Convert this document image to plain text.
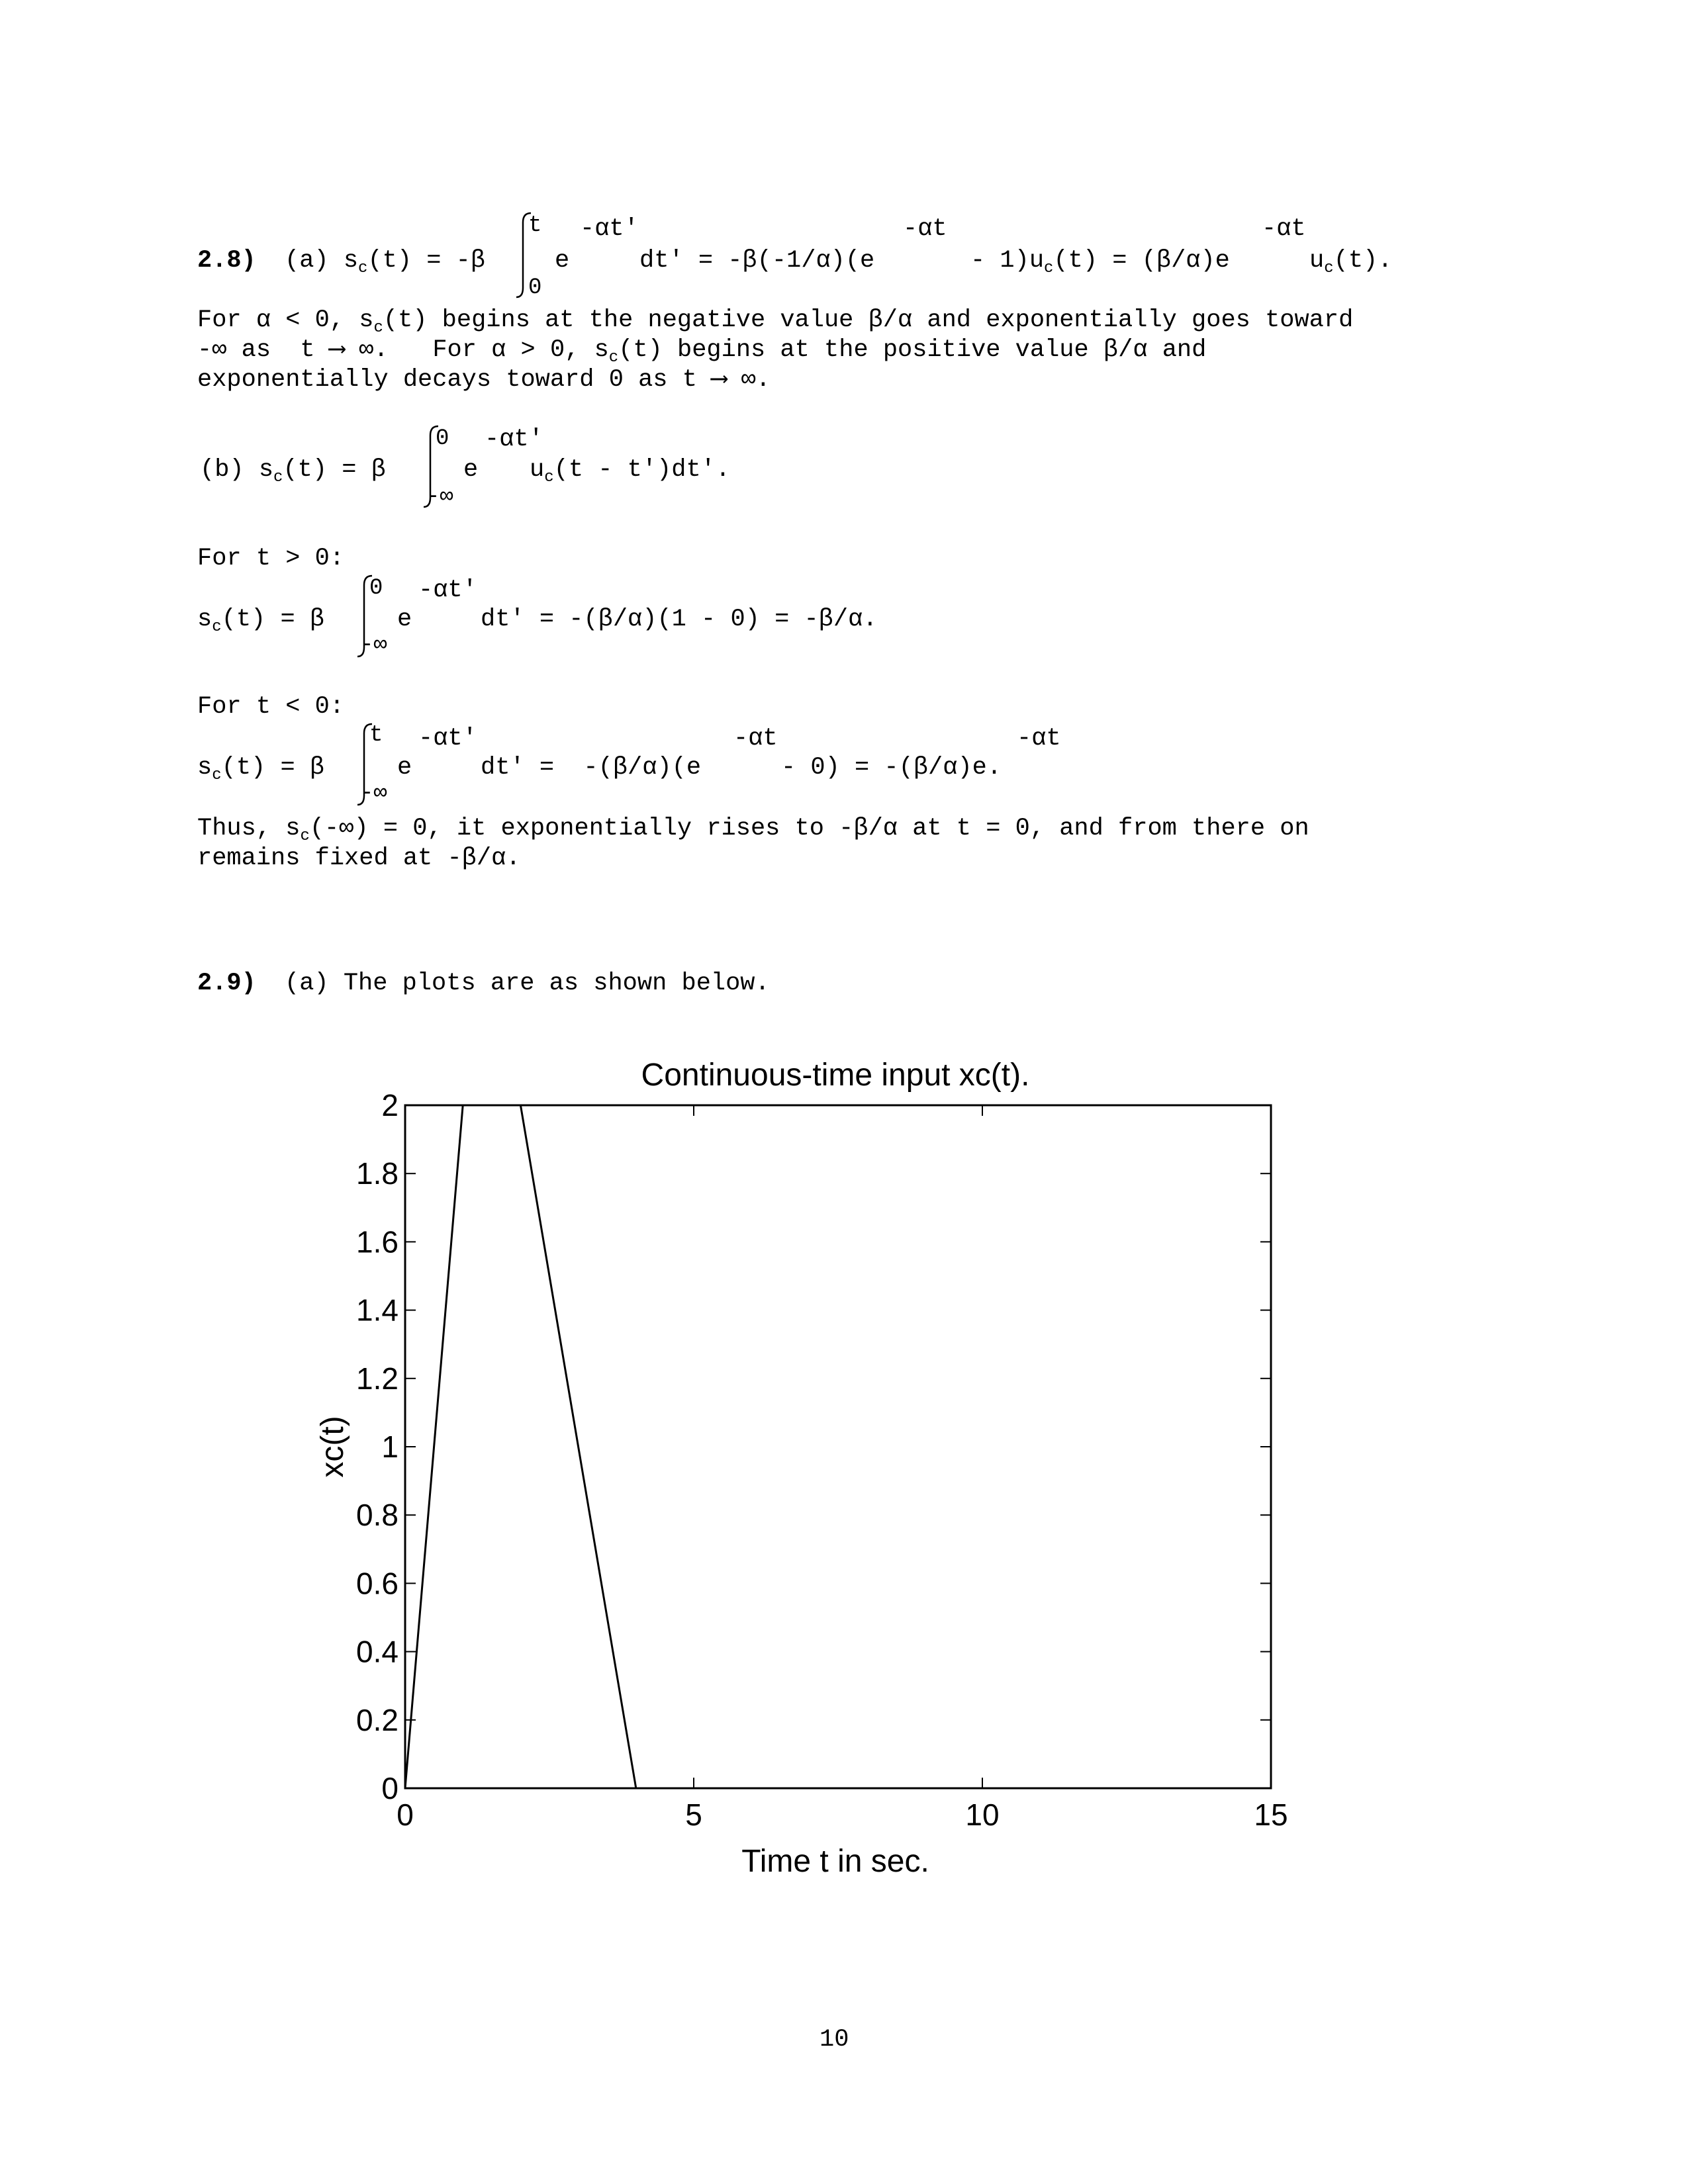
2.8) (a) $s_c(t) = -\beta$
t
0
-αt'
e	dt' = -β(-1/α)(e
-αt
- $1)u_c(t) = (\beta/\alpha)e$
-αt
$u_c(t)$.
For α < 0, $s_c(t)$ begins at the negative value β/α and exponentially goes toward
-∞ as  t ⟶ ∞.   For α > 0, $s_c(t)$ begins at the positive value β/α and
exponentially decays toward 0 as t ⟶ ∞.
(b) $s_c(t) = \beta$
0
-∞
-αt'
e $u_c(t - t')dt'$.
For t > 0:
$s_c(t) = \beta$
0
-∞
-αt'
e	dt' = -(β/α)(1 - 0) = -β/α.
For t < 0:
$s_c(t) = \beta$
t
-∞
-αt'
e	dt' =  -(β/α)(e
-αt
- 0) = -(β/α)e.
-αt
Thus, $s_c(-\infty) = 0$, it exponentially rises to -β/α at t = 0, and from there on
remains fixed at -β/α.
2.9) (a) The plots are as shown below.
Continuous-time input xc(t).
0	5	10	15
0
0.2
0.4
0.6
0.8
1
1.2
1.4
1.6
1.8
2
Time t in sec.
xc(t)
10
